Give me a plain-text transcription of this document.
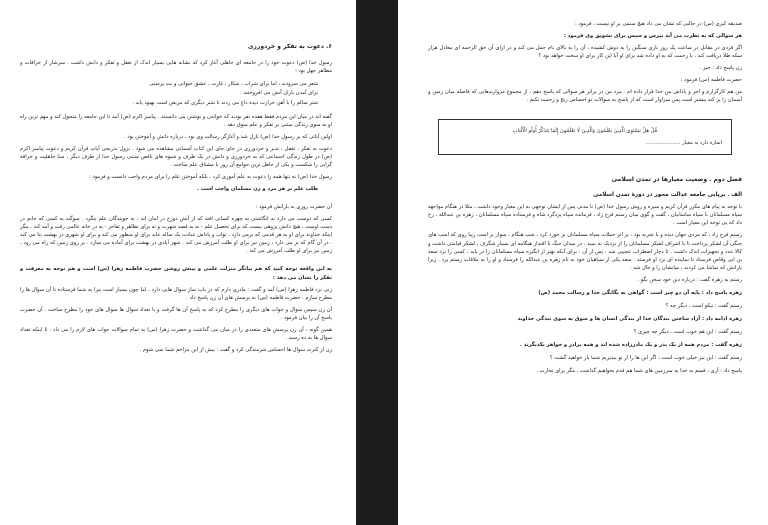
۶. دعوت به تفکر و خردورزی

رسول خدا (ص) دعوت خود را در جامعه ای جاهلی آغاز کرد که نشانه هایی بسیار اندک از تعقل و تفکر و دانش داشت . سرشار از خرافات و مظاهر جهل بود :

شعر می سرودند ، اما برای شراب ، شکار ، غارت ، عشق حیوانی و بت پرستی
برای آمدن باران آتش می افروختند .
شتر سالم را با آهن حرارت دیده داغ می زدند تا شتر دیگری که مریض است بهبود یابد .

گفته اند در میان این مردم فقط هفده نفر بودند که خواندن و نوشتن می دانستند . پیامبر اکرم (ص) آمد تا این جامعه را متحول کند و مهم ترین راه او به سوی زندگی مبتنی بر تفکر و علم سوق دهد .

اولین آیاتی که بر رسول خدا (ص) نازل شد و آغازگر رسالت وی بود ، درباره دانش و آموختن بود .

دعوت به تفکر ، تعقل ، تدبر و خردورزی در جای جای این کتاب آسمانی مشاهده می شود . نزول تدریجی آیات قرآن کریم و دعوت پیامبر اکرم (ص) در طول زندگی اجتماعی که به خردورزی و دانش در یک طرف و شیوه های ناقص سنتی رسول خدا از طرف دیگر ، سدّ جاهلیت و خرافه گرایی را شکست و یکی از جاهل ترین جوامع آن روز با مشتاق علم ساخت .

رسول خدا (ص) نه تنها همه را دعوت به علم آموزی کرد ، بلکه آموختن علم را برای مردم واجب دانست و فرمود :

طلب علم بر هر مرد و زن مسلمان واجب است .

آن حضرت روزی به یارانش فرمود :

کسی که دوست می دارد به انگاشتی به چهره کسانی افتد که از آتش دوزخ در امان اند ، به جویندگان علم بنگرد . سوگند به کسی که جانم در دست اوست ، هیچ دانش پژوهی نیست که برای تحصیل علم - نه به قصد شهرت و نه برای تظاهر و تفاخر - به در خانه عالمی رفت و آمد کند ، مگر اینکه خداوند برای او به هر قدمی که برمی دارد ، ثواب و پاداش عبادت یک ساله عابد برای او منظور می کند و برای او شهری در بهشت بنا می کند . در آن گام که بر می دارد ، زمین نیز برای او طلب آمرزش می کند . شهر آبادی در بهشت برای آماده می سازد . بر روی زمین که راه می رود ، زمین نیز برای او طلب آمرزش می کند .

به این واقعه توجه کنید که هم بیانگر منزلت علمی و بینش روشن حضرت فاطمه زهرا (س) است و هم توجه به معرفت و تفکر را نشان می دهد :

زنی نزد فاطمه زهرا (س) آمد و گفت : مادری دارم که در باب نماز سوال هایی دارد ، اما چون بسیار است مرا به شما فرستاده تا آن سوال ها را مطرح سازم . حضرت فاطمه (س) به پرسش های آن زن پاسخ داد .

آن زن سپس سوال و جواب های دیگری را مطرح کرد که به پاسخ آن ها گرفت و با تعداد سوال ها سوال های خود را مطرح ساخت . آن حضرت پاسخ آن را بیان فرمود .

همین گونه ، آن زن پرسش های متعددی را در میان می گذاشت و حضرت زهرا (س) به تمام سوالات جواب های لازم را می داد . تا اینکه تعداد سوال ها به ده رسید .

زن از کثرت سوال ها احساس شرمندگی کرد و گفت : بیش از این مزاحم شما نمی شوم .

صدیقه کبری (س) در حالتی که نشان می داد هیچ ستمی بر او نیست ، فرمود :

هر سوالی که به نظرت می آید بپرس و سپس برای تشویق وی فرمود :

اگر فردی در مقابل در ساعت یک روز باری سنگین را به دوش کشیده ، آن را به بالای بام حمل می کند و در ازای آن حق الزحمه ای معادل هزار سکه طلا دریافت کند ، با زحمت که به او داده شد برای او آیا این کار برای او سخت خواهد بود ؟

زن پاسخ داد : خیر .

حضرت فاطمه (س) فرمود :

من هم کارگزارم و اجر و پاداش من خدا قرار داده ام . مزد من در برابر هر سوالی که پاسخ دهم ، از مجموع مرواریدهایی که فاصله میان زمین و آسمان را پر کند بیشتر است پس سزاوار است که از پاسخ به سوالات تو احساس رنج و زحمت نکنم .

قُلْ هَلْ يَسْتَوِي الَّذِينَ يَعْلَمُونَ وَالَّذِينَ لَا يَعْلَمُونَ إِنَّمَا يَتَذَكَّرُ أُولُو الْأَلْبَابِ
اشاره دارد به معیار ......................
فصل دوم . وضعیت معیارها در تمدن اسلامی
الف . برپایی جامعه عدالت محور در دورهٔ تمدن اسلامی

با توجه به پیام های مکرر قرآن کریم و سیره و روش رسول خدا (ص) تا مدتی پس از ایشان توجهی به این معیار وجود داشت ، مثلا در هنگام مواجهه سپاه مسلمانان با سپاه ساسانیان ، گفت و گوی میان رستم فرخ زاد ، فرمانده سپاه یزدگرد شاه و فرستاده سپاه مسلمانان ، زهره بن عبدالله ، رخ داد که پی توجه این معیار است .

رستم فرخ زاد ، که مردی جهان دیده و با تجربه بود ، بر اثر حملات سپاه مسلمانان بر خورد کرد ، شب هنگام ، سوار بر اسب زیبا روی که اسب های جنگی آن لشکر پرداخت تا با اشراف لشکر مسلمانان را از نزدیک به ببیند . در میدان جنگ با اقتدار هنگامه ای بسیار شگرف ، لشکر قیامتی داشت و کالا عدد و تجهیزات اندک داشت . تا دچار اضطراب عجیبی شد . پس از آن ، برای آنکه بهتر از انگیزه سپاه مسلمانان را در یابد ، کسی را نزد سعد بن ابی وقاص فرستاد تا نماینده ای نزد او فرستد . سعد یکی از سپاهیان خود به نام زهره بن عبدالله را فرستاد و او را به ملاقات رستم برد . زیرا یارانش که تماشا می کردند ، میانشان را و جال شد .

رستم به زهره گفت : درباره دین خود سخن بگو .

زهره پاسخ داد : پایه آن دو چیز است : گواهی به یگانگی خدا و رسالت محمد (ص)

رستم گفت : نیکو است ، دیگر چه ؟

زهره ادامه داد : آزاد ساختن بندگان خدا از بندگی انسان ها و سوق به سوی بندگی خداوند

رستم گفت : این هم خوب است ، دیگر چه چیزی ؟

زهره گفت : مردم همه از یک پدر و یک مادرزاده شده اند و همه برادر و خواهر یکدیگرند .

رستم گفت : این نیز خیلی خوب است ، اگر این ها را از تو بپذیریم شما باز خواهید گشت ؟

پاسخ داد : آری ، قسم به خدا به سرزمین های شما هم قدم نخواهیم گذاشت ، مگر برای تجارت .
